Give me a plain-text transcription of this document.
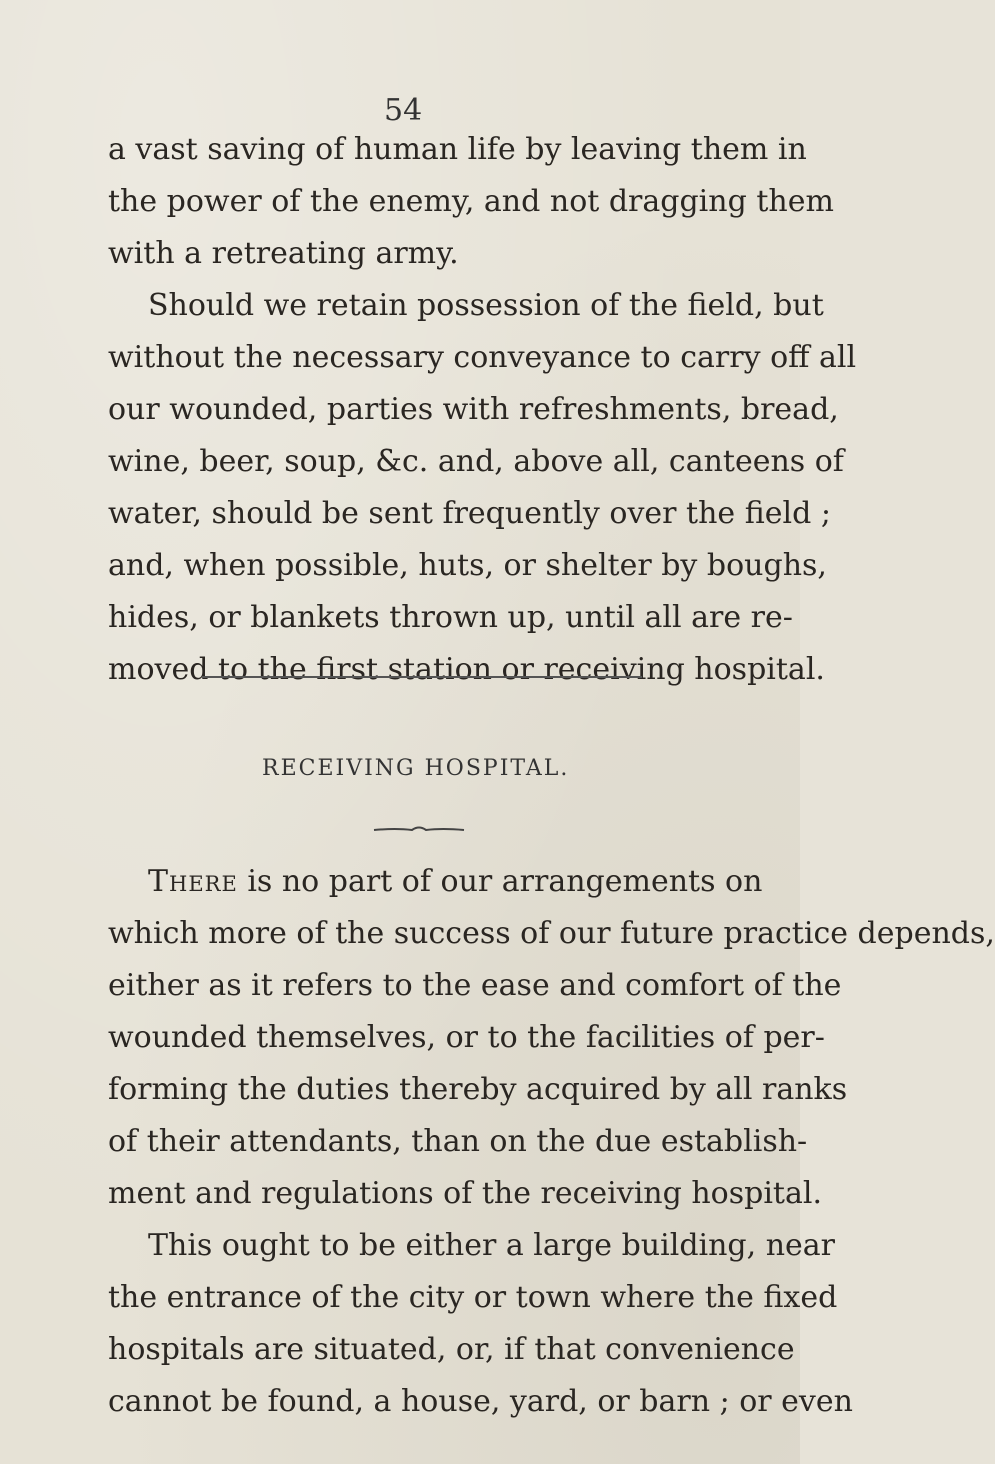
54
a vast saving of human life by leaving them in
the power of the enemy, and not dragging them
with a retreating army.
Should we retain possession of the field, but
without the necessary conveyance to carry off all
our wounded, parties with refreshments, bread,
wine, beer, soup, &c. and, above all, canteens of
water, should be sent frequently over the field ;
and, when possible, huts, or shelter by boughs,
hides, or blankets thrown up, until all are re-
moved to the first station or receiving hospital.
RECEIVING HOSPITAL.
There is no part of our arrangements on
which more of the success of our future practice depends,
either as it refers to the ease and comfort of the
wounded themselves, or to the facilities of per-
forming the duties thereby acquired by all ranks
of their attendants, than on the due establish-
ment and regulations of the receiving hospital.
This ought to be either a large building, near
the entrance of the city or town where the fixed
hospitals are situated, or, if that convenience
cannot be found, a house, yard, or barn ; or even
